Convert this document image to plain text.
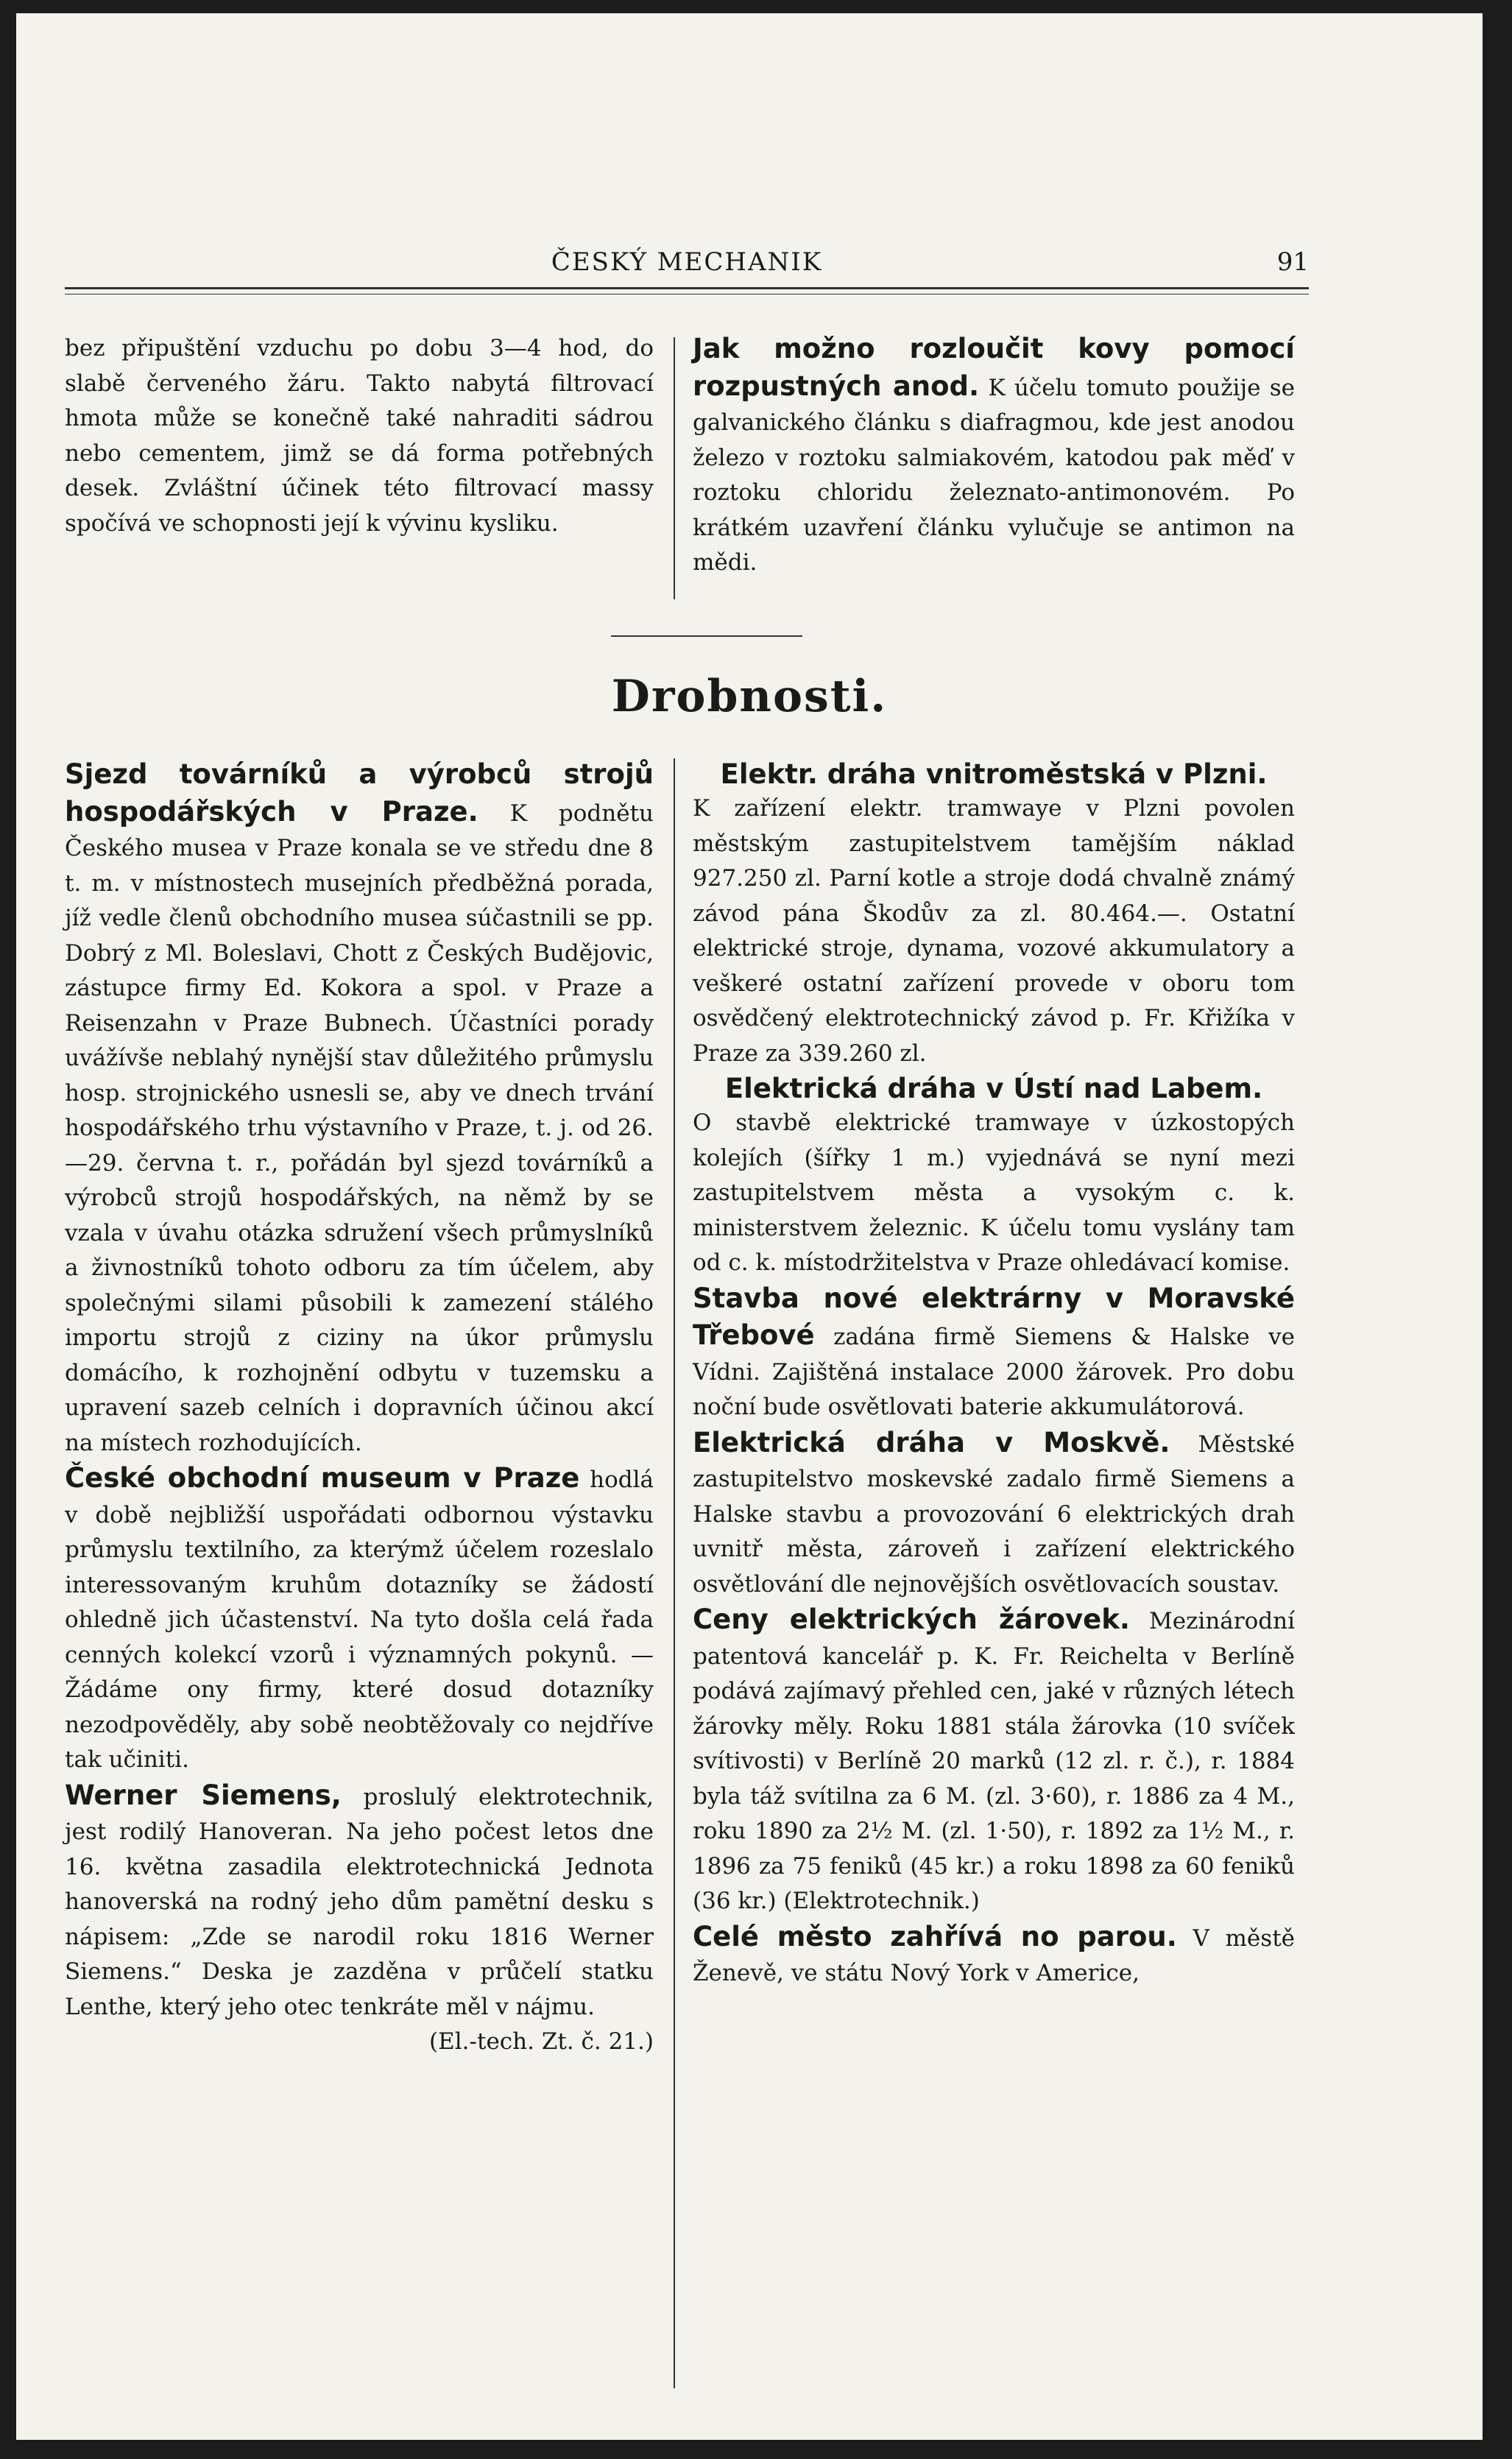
ČESKÝ MECHANIK	91

bez připuštění vzduchu po dobu 3—4 hod, do slabě červeného žáru. Takto nabytá filtrovací hmota může se konečně také nahraditi sádrou nebo cementem, jimž se dá forma potřebných desek. Zvláštní účinek této filtrovací massy spočívá ve schopnosti její k vývinu kysliku.

Jak možno rozloučit kovy pomocí rozpustných anod. K účelu tomuto použije se galvanického článku s diafragmou, kde jest anodou železo v roztoku salmiakovém, katodou pak měď v roztoku chloridu železnato-antimonovém. Po krátkém uzavření článku vylučuje se antimon na mědi.

Drobnosti.

Sjezd továrníků a výrobců strojů hospodářských v Praze. K podnětu Českého musea v Praze konala se ve středu dne 8 t. m. v místnostech musejních předběžná porada, jíž vedle členů obchodního musea súčastnili se pp. Dobrý z Ml. Boleslavi, Chott z Českých Budějovic, zástupce firmy Ed. Kokora a spol. v Praze a Reisenzahn v Praze Bubnech. Účastníci porady uvážívše neblahý nynější stav důležitého průmyslu hosp. strojnického usnesli se, aby ve dnech trvání hospodářského trhu výstavního v Praze, t. j. od 26.—29. června t. r., pořádán byl sjezd továrníků a výrobců strojů hospodářských, na němž by se vzala v úvahu otázka sdružení všech průmyslníků a živnostníků tohoto odboru za tím účelem, aby společnými silami působili k zamezení stálého importu strojů z ciziny na úkor průmyslu domácího, k rozhojnění odbytu v tuzemsku a upravení sazeb celních i dopravních účinou akcí na místech rozhodujících.

České obchodní museum v Praze hodlá v době nejbližší uspořádati odbornou výstavku průmyslu textilního, za kterýmž účelem rozeslalo interessovaným kruhům dotazníky se žádostí ohledně jich účastenství. Na tyto došla celá řada cenných kolekcí vzorů i významných pokynů. — Žádáme ony firmy, které dosud dotazníky nezodpověděly, aby sobě neobtěžovaly co nejdříve tak učiniti.

Werner Siemens, proslulý elektrotechnik, jest rodilý Hanoveran. Na jeho počest letos dne 16. května zasadila elektrotechnická Jednota hanoverská na rodný jeho dům pamětní desku s nápisem: „Zde se narodil roku 1816 Werner Siemens.“ Deska je zazděna v průčelí statku Lenthe, který jeho otec tenkráte měl v nájmu.

(El.-tech. Zt. č. 21.)

Elektr. dráha vnitroměstská v Plzni.
K zařízení elektr. tramwaye v Plzni povolen městským zastupitelstvem tamějším náklad 927.250 zl. Parní kotle a stroje dodá chvalně známý závod pána Škodův za zl. 80.464.—. Ostatní elektrické stroje, dynama, vozové akkumulatory a veškeré ostatní zařízení provede v oboru tom osvědčený elektrotechnický závod p. Fr. Křižíka v Praze za 339.260 zl.

Elektrická dráha v Ústí nad Labem.
O stavbě elektrické tramwaye v úzkostopých kolejích (šířky 1 m.) vyjednává se nyní mezi zastupitelstvem města a vysokým c. k. ministerstvem železnic. K účelu tomu vyslány tam od c. k. místodržitelstva v Praze ohledávací komise.

Stavba nové elektrárny v Moravské Třebové zadána firmě Siemens & Halske ve Vídni. Zajištěná instalace 2000 žárovek. Pro dobu noční bude osvětlovati baterie akkumulátorová.

Elektrická dráha v Moskvě. Městské zastupitelstvo moskevské zadalo firmě Siemens a Halske stavbu a provozování 6 elektrických drah uvnitř města, zároveň i zařízení elektrického osvětlování dle nejnovějších osvětlovacích soustav.

Ceny elektrických žárovek. Mezinárodní patentová kancelář p. K. Fr. Reichelta v Berlíně podává zajímavý přehled cen, jaké v různých létech žárovky měly. Roku 1881 stála žárovka (10 svíček svítivosti) v Berlíně 20 marků (12 zl. r. č.), r. 1884 byla táž svítilna za 6 M. (zl. 3·60), r. 1886 za 4 M., roku 1890 za 2½ M. (zl. 1·50), r. 1892 za 1½ M., r. 1896 za 75 feniků (45 kr.) a roku 1898 za 60 feniků (36 kr.) (Elektrotechnik.)

Celé město zahřívá no parou. V městě Ženevě, ve státu Nový York v Americe,
